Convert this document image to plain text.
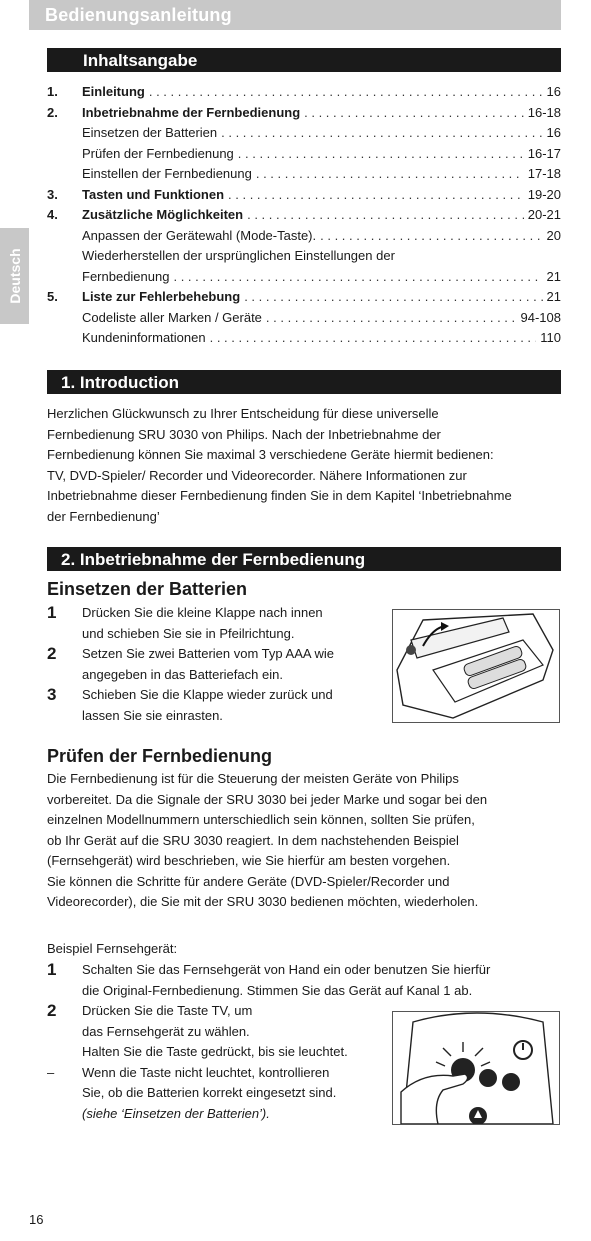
Bedienungsanleitung
Deutsch
Inhaltsangabe
1.	Einleitung . . .	16
2.	Inbetriebnahme der Fernbedienung . . .	16-18
Einsetzen der Batterien . . .	16
Prüfen der Fernbedienung . . .	16-17
Einstellen der Fernbedienung . . .	17-18
3.	Tasten und Funktionen . . .	19-20
4.	Zusätzliche Möglichkeiten . . .	20-21
Anpassen der Gerätewahl (Mode-Taste). . . .	20
Wiederherstellen der ursprünglichen Einstellungen der
Fernbedienung . . .	21
5.	Liste zur Fehlerbehebung . . .	21
Codeliste aller Marken / Geräte . . .	94-108
Kundeninformationen . . .	110
1. Introduction
Herzlichen Glückwunsch zu Ihrer Entscheidung für diese universelle
Fernbedienung SRU 3030 von Philips. Nach der Inbetriebnahme der
Fernbedienung können Sie maximal 3 verschiedene Geräte hiermit bedienen:
TV, DVD-Spieler/ Recorder und Videorecorder. Nähere Informationen zur
Inbetriebnahme dieser Fernbedienung finden Sie in dem Kapitel ‘Inbetriebnahme
der Fernbedienung’
2. Inbetriebnahme der Fernbedienung
Einsetzen der Batterien
1	Drücken Sie die kleine Klappe nach innen
und schieben Sie sie in Pfeilrichtung.
2	Setzen Sie zwei Batterien vom Typ AAA wie
angegeben in das Batteriefach ein.
3	Schieben Sie die Klappe wieder zurück und
lassen Sie sie einrasten.
Prüfen der Fernbedienung
Die Fernbedienung ist für die Steuerung der meisten Geräte von Philips
vorbereitet. Da die Signale der SRU 3030 bei jeder Marke und sogar bei den
einzelnen Modellnummern unterschiedlich sein können, sollten Sie prüfen,
ob Ihr Gerät auf die SRU 3030 reagiert. In dem nachstehenden Beispiel
(Fernsehgerät) wird beschrieben, wie Sie hierfür am besten vorgehen.
Sie können die Schritte für andere Geräte (DVD-Spieler/Recorder und
Videorecorder), die Sie mit der SRU 3030 bedienen möchten, wiederholen.
Beispiel Fernsehgerät:
1	Schalten Sie das Fernsehgerät von Hand ein oder benutzen Sie hierfür
die Original-Fernbedienung. Stimmen Sie das Gerät auf Kanal 1 ab.
2	Drücken Sie die Taste TV, um
das Fernsehgerät zu wählen.
Halten Sie die Taste gedrückt, bis sie leuchtet.
–	Wenn die Taste nicht leuchtet, kontrollieren
Sie, ob die Batterien korrekt eingesetzt sind.
(siehe ‘Einsetzen der Batterien’).
16
